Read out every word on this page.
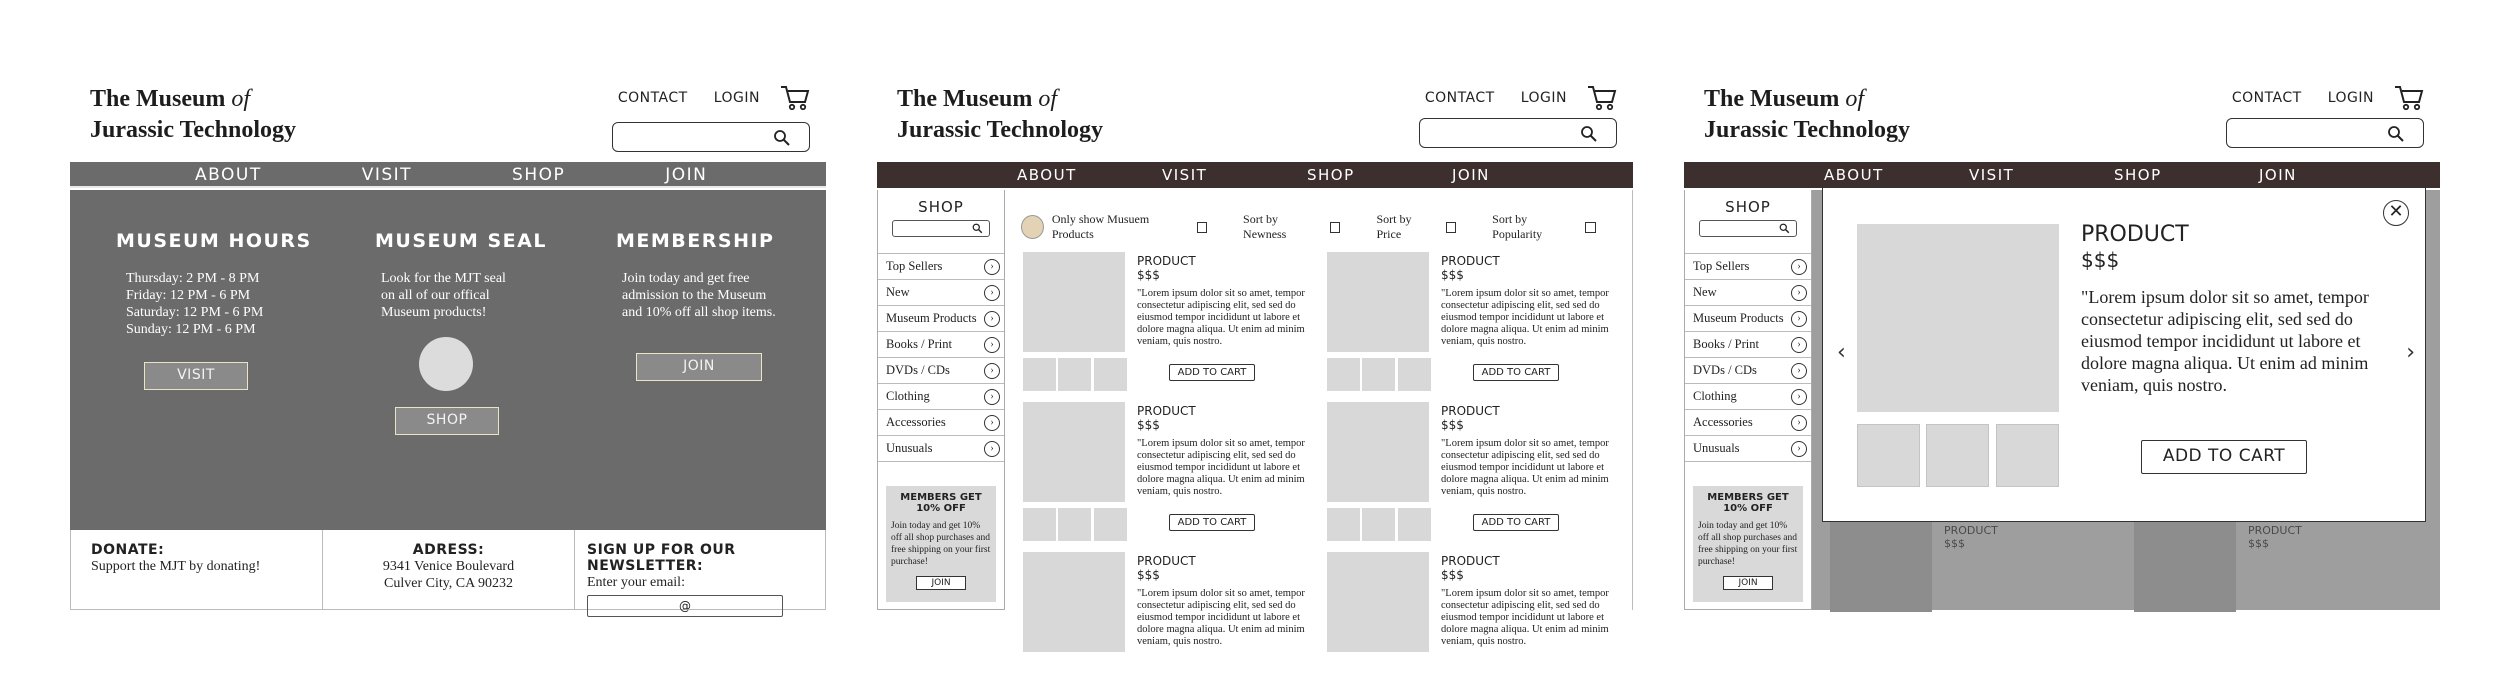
The Museum of
Jurassic Technology
CONTACT LOGIN
ABOUT	VISIT	SHOP	JOIN
MUSEUM HOURS

Thursday: 2 PM - 8 PM

Friday: 12 PM - 6 PM

Saturday: 12 PM - 6 PM

Sunday: 12 PM - 6 PM

VISIT
MUSEUM SEAL

Look for the MJT seal on all of our offical Museum products!

SHOP
MEMBERSHIP

Join today and get free admission to the Museum and 10% off all shop items.

JOIN
DONATE:
Support the MJT by donating!
ADRESS:
9341 Venice Boulevard
Culver City, CA 90232
SIGN UP FOR OUR NEWSLETTER:
Enter your email:
@
The Museum of
Jurassic Technology
CONTACT LOGIN
ABOUT	VISIT	SHOP	JOIN
SHOP
Top Sellers	›
New	›
Museum Products	›
Books / Print	›
DVDs / CDs	›
Clothing	›
Accessories	›
Unusuals	›
MEMBERS GET 10% OFF
Join today and get 10% off all shop purchases and free shipping on your first purchase!
JOIN
Only show Musuem Products
Sort by Newness
Sort by Price
Sort by Popularity
PRODUCT
$$$
"Lorem ipsum dolor sit so amet, tempor consectetur adipiscing elit, sed sed do eiusmod tempor incididunt ut labore et dolore magna aliqua. Ut enim ad minim veniam, quis nostro.
ADD TO CART
PRODUCT
$$$
"Lorem ipsum dolor sit so amet, tempor consectetur adipiscing elit, sed sed do eiusmod tempor incididunt ut labore et dolore magna aliqua. Ut enim ad minim veniam, quis nostro.
ADD TO CART
PRODUCT
$$$
"Lorem ipsum dolor sit so amet, tempor consectetur adipiscing elit, sed sed do eiusmod tempor incididunt ut labore et dolore magna aliqua. Ut enim ad minim veniam, quis nostro.
ADD TO CART
PRODUCT
$$$
"Lorem ipsum dolor sit so amet, tempor consectetur adipiscing elit, sed sed do eiusmod tempor incididunt ut labore et dolore magna aliqua. Ut enim ad minim veniam, quis nostro.
ADD TO CART
PRODUCT
$$$
"Lorem ipsum dolor sit so amet, tempor consectetur adipiscing elit, sed sed do eiusmod tempor incididunt ut labore et dolore magna aliqua. Ut enim ad minim veniam, quis nostro.
PRODUCT
$$$
"Lorem ipsum dolor sit so amet, tempor consectetur adipiscing elit, sed sed do eiusmod tempor incididunt ut labore et dolore magna aliqua. Ut enim ad minim veniam, quis nostro.
The Museum of
Jurassic Technology
CONTACT LOGIN
ABOUT	VISIT	SHOP	JOIN
SHOP
Top Sellers	›
New	›
Museum Products	›
Books / Print	›
DVDs / CDs	›
Clothing	›
Accessories	›
Unusuals	›
MEMBERS GET 10% OFF
Join today and get 10% off all shop purchases and free shipping on your first purchase!
JOIN
PRODUCT
$$$
PRODUCT
$$$
✕
‹	›
PRODUCT
$$$
"Lorem ipsum dolor sit so amet, tempor consectetur adipiscing elit, sed sed do eiusmod tempor incididunt ut labore et dolore magna aliqua. Ut enim ad minim veniam, quis nostro.
ADD TO CART
